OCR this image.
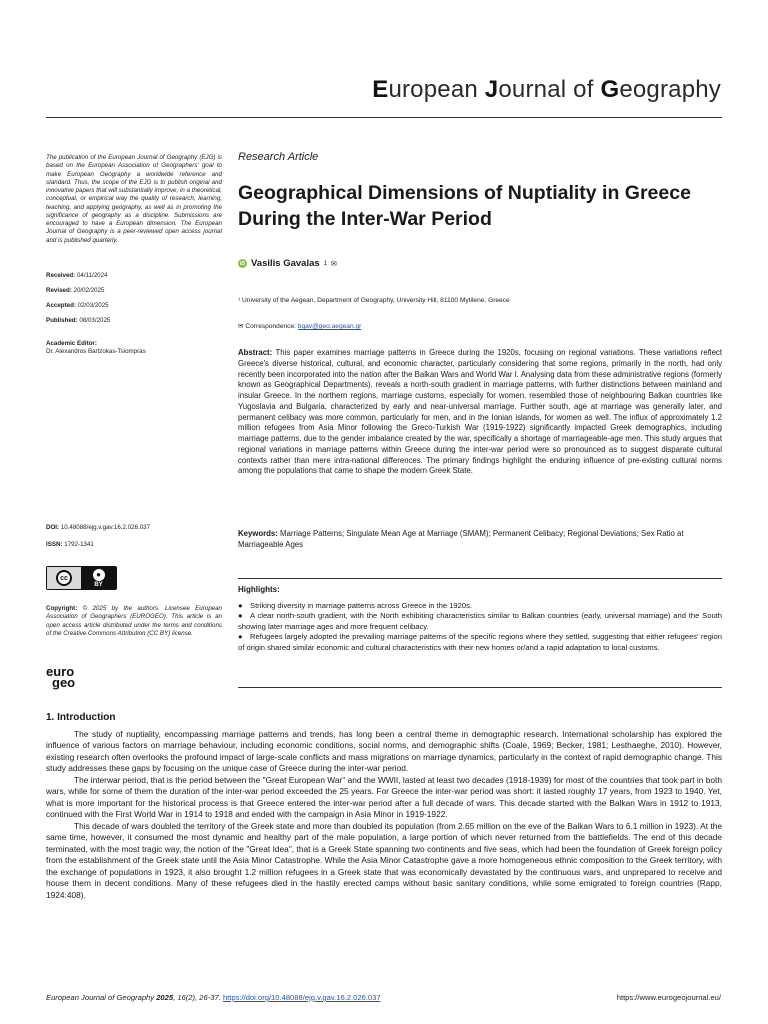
European Journal of Geography

The publication of the European Journal of Geography (EJG) is based on the European Association of Geographers' goal to make European Geography a worldwide reference and standard. Thus, the scope of the EJG is to publish original and innovative papers that will substantially improve, in a theoretical, conceptual, or empirical way the quality of research, learning, teaching, and applying geography, as well as in promoting the significance of geography as a discipline. Submissions are encouraged to have a European dimension. The European Journal of Geography is a peer-reviewed open access journal and is published quarterly.

Received: 04/11/2024
Revised: 20/02/2025
Accepted: 02/03/2025
Published: 08/03/2025
Academic Editor:
Dr. Alexandros Bartzokas-Tsiompras
DOI: 10.48088/ejg.v.gav.16.2.026.037
ISSN: 1792-1341
cc	●
BY
Copyright: © 2025 by the authors. Licensee European Association of Geographers (EUROGEO). This article is an open access article distributed under the terms and conditions of the Creative Commons Attribution (CC BY) license.
euro
geo
Research Article
Geographical Dimensions of Nuptiality in Greece During the Inter-War Period
iD Vasilis Gavalas 1 ✉
¹ University of the Aegean, Department of Geography, University Hill, 81100 Mytilene, Greece
✉ Correspondence: bgav@geo.aegean.gr
Abstract: This paper examines marriage patterns in Greece during the 1920s, focusing on regional variations. These variations reflect Greece's diverse historical, cultural, and economic character, particularly considering that some regions, primarily in the north, had only recently been incorporated into the nation after the Balkan Wars and World War I. Analysing data from these administrative regions (formerly known as Geographical Departments), reveals a north-south gradient in marriage patterns, with further distinctions between mainland and insular Greece. In the northern regions, marriage customs, especially for women, resembled those of neighbouring Balkan countries like Yugoslavia and Bulgaria, characterized by early and near-universal marriage. Further south, age at marriage was generally later, and permanent celibacy was more common, particularly for men, and in the Ionian islands, for women as well. The influx of approximately 1.2 million refugees from Asia Minor following the Greco-Turkish War (1919-1922) significantly impacted Greek demographics, including marriage patterns, due to the gender imbalance created by the war, specifically a shortage of marriageable-age men. This study argues that regional variations in marriage patterns within Greece during the inter-war period were so pronounced as to suggest disparate cultural contexts rather than mere intra-national differences. The primary findings highlight the enduring influence of pre-existing cultural norms among the populations that came to shape the modern Greek State.
Keywords: Marriage Patterns; Singulate Mean Age at Marriage (SMAM); Permanent Celibacy; Regional Deviations; Sex Ratio at Marriageable Ages
Highlights:
● Striking diversity in marriage patterns across Greece in the 1920s.
● A clear north-south gradient, with the North exhibiting characteristics similar to Balkan countries (early, universal marriage) and the South showing later marriage ages and more frequent celibacy.
● Refugees largely adopted the prevailing marriage patterns of the specific regions where they settled, suggesting that either refugees' region of origin shared similar economic and cultural characteristics with their new homes or/and a rapid adaptation to local customs.
1. Introduction

The study of nuptiality, encompassing marriage patterns and trends, has long been a central theme in demographic research. International scholarship has explored the influence of various factors on marriage behaviour, including economic conditions, social norms, and demographic shifts (Coale, 1969; Becker, 1981; Lesthaeghe, 2010). However, existing research often overlooks the profound impact of large-scale conflicts and mass migrations on marriage dynamics, particularly in the context of rapid demographic change. This study addresses these gaps by focusing on the unique case of Greece during the inter-war period.

The interwar period, that is the period between the "Great European War" and the WWII, lasted at least two decades (1918-1939) for most of the countries that took part in both wars, while for some of them the duration of the inter-war period exceeded the 25 years. For Greece the inter-war period was short: it lasted roughly 17 years, from 1923 to 1940. Yet, what is more important for the historical process is that Greece entered the inter-war period after a full decade of wars. This decade started with the Balkan Wars in 1912 to 1913, continued with the First World War in 1914 to 1918 and ended with the campaign in Asia Minor in 1919-1922.

This decade of wars doubled the territory of the Greek state and more than doubled its population (from 2.65 million on the eve of the Balkan Wars to 6.1 million in 1923). At the same time, however, it consumed the most dynamic and healthy part of the male population, a large portion of which never returned from the battlefields. The end of this decade terminated, with the most tragic way, the notion of the "Great Idea", that is a Greek State spanning two continents and five seas, which had been the foundation of Greek foreign policy from the establishment of the Greek state until the Asia Minor Catastrophe. While the Asia Minor Catastrophe gave a more homogeneous ethnic composition to the Greek territory, with the exchange of populations in 1923, it also brought 1.2 million refugees in a Greek state that was economically devastated by the continuous wars, and unprepared to receive and house them in decent conditions. Many of these refugees died in the hastily erected camps without basic sanitary conditions, while some emigrated to foreign countries (Rapp, 1924:408).

European Journal of Geography 2025, 16(2), 26-37. https://doi.org/10.48088/ejg.v.gav.16.2.026.037	https://www.eurogeojournal.eu/
